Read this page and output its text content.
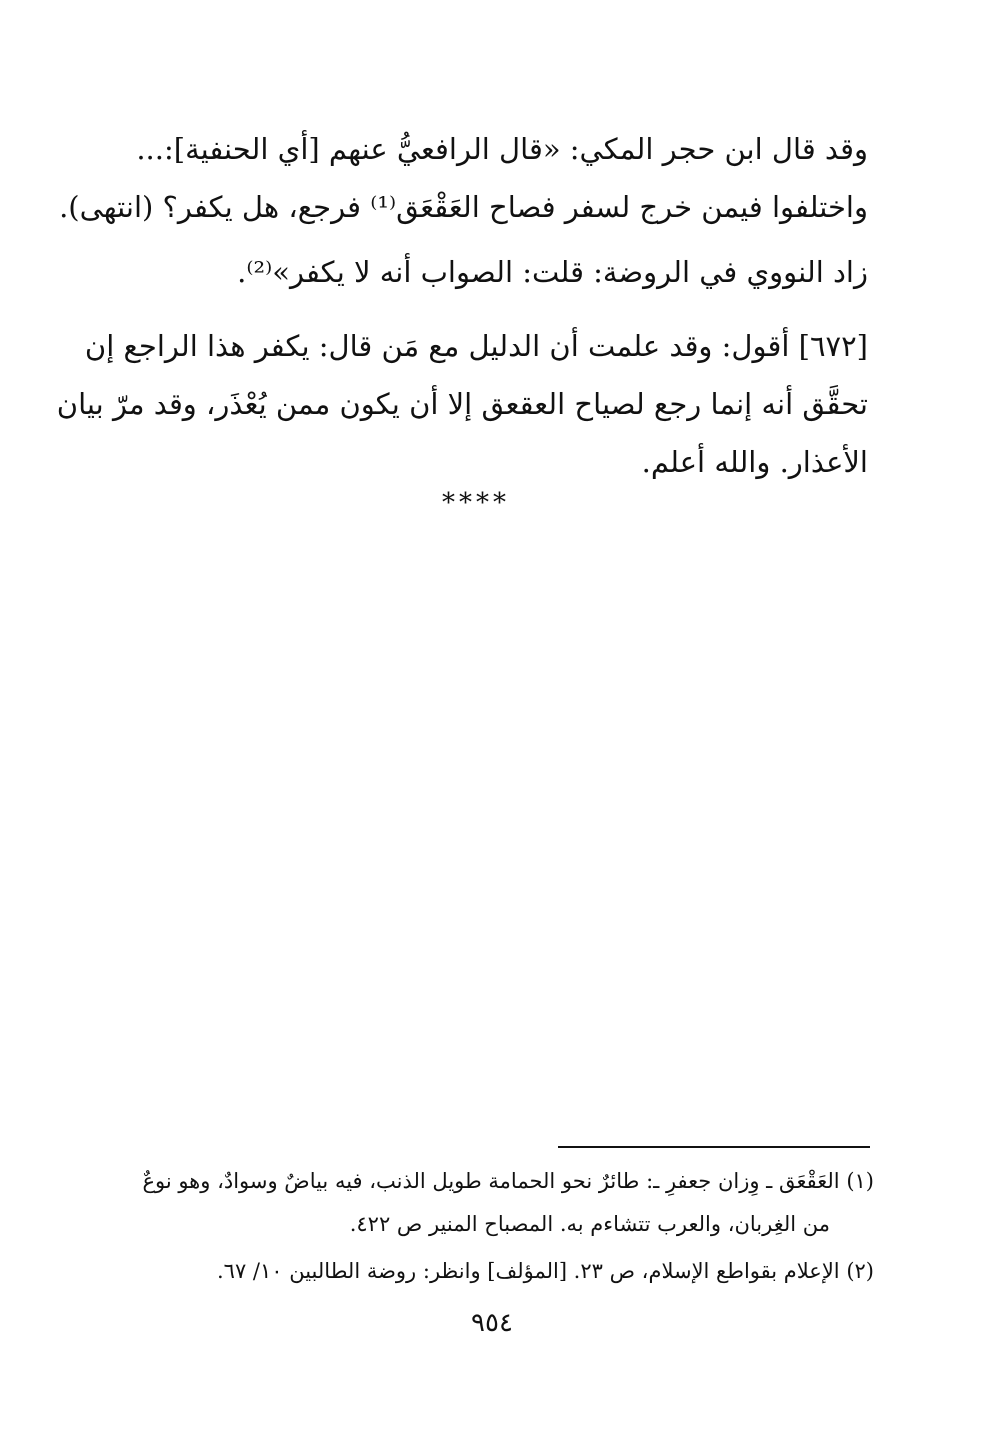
وقد قال ابن حجر المكي: «قال الرافعيُّ عنهم [أي الحنفية]:...
واختلفوا فيمن خرج لسفر فصاح العَقْعَق⁽¹⁾ فرجع، هل يكفر؟ (انتهى).
زاد النووي في الروضة: قلت: الصواب أنه لا يكفر»⁽²⁾.
[٦٧٢] أقول: وقد علمت أن الدليل مع مَن قال: يكفر هذا الراجع إن
تحقَّق أنه إنما رجع لصياح العقعق إلا أن يكون ممن يُعْذَر، وقد مرّ بيان
الأعذار. والله أعلم.
****
(١) العَقْعَق ـ وِزان جعفرِ ـ: طائرٌ نحو الحمامة طويل الذنب، فيه بياضٌ وسوادٌ، وهو نوعٌ
من الغِربان، والعرب تتشاءم به. المصباح المنير ص ٤٢٢.
(٢) الإعلام بقواطع الإسلام، ص ٢٣. [المؤلف] وانظر: روضة الطالبين ١٠/ ٦٧.
٩٥٤
